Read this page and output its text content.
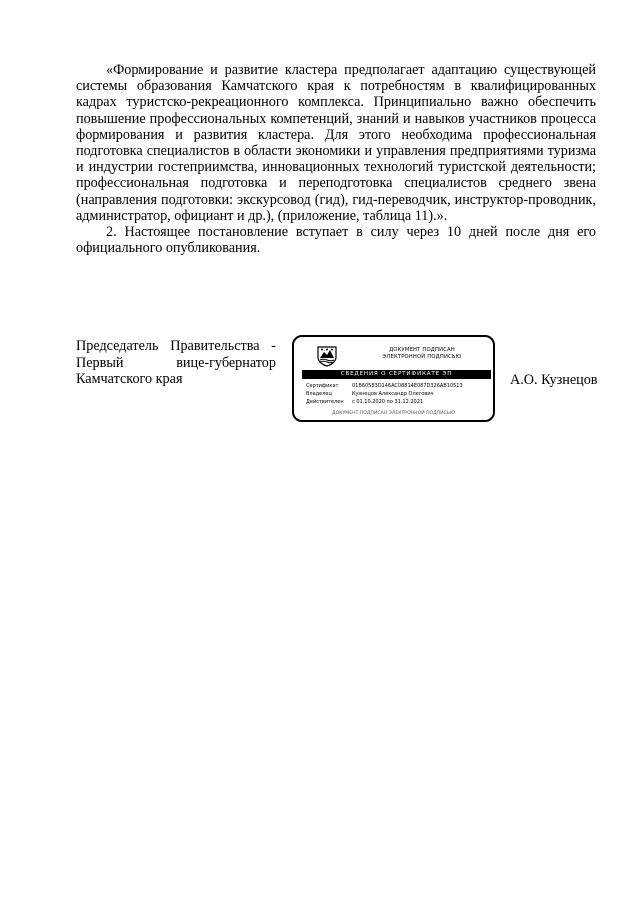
«Формирование и развитие кластера предполагает адаптацию существующей системы образования Камчатского края к потребностям в квалифицированных кадрах туристско-рекреационного комплекса. Принципиально важно обеспечить повышение профессиональных компетенций, знаний и навыков участников процесса формирования и развития кластера. Для этого необходима профессиональная подготовка специалистов в области экономики и управления предприятиями туризма и индустрии гостеприимства, инновационных технологий туристской деятельности; профессиональная подготовка и переподготовка специалистов среднего звена (направления подготовки: экскурсовод (гид), гид-переводчик, инструктор-проводник, администратор, официант и др.), (приложение, таблица 11).».

2. Настоящее постановление вступает в силу через 10 дней после дня его официального опубликования.

Председатель Правительства -
Первый вице-губернатор
Камчатского края
ДОКУМЕНТ ПОДПИСАН
ЭЛЕКТРОННОЙ ПОДПИСЬЮ
СВЕДЕНИЯ О СЕРТИФИКАТЕ ЭП
Сертификат	01B60583D146AC08814E087D326AB10513
Владелец	Кузнецов Александр Олегович
Действителен	с 01.10.2020 по 31.12.2021
ДОКУМЕНТ ПОДПИСАН ЭЛЕКТРОННОЙ ПОДПИСЬЮ
А.О. Кузнецов
